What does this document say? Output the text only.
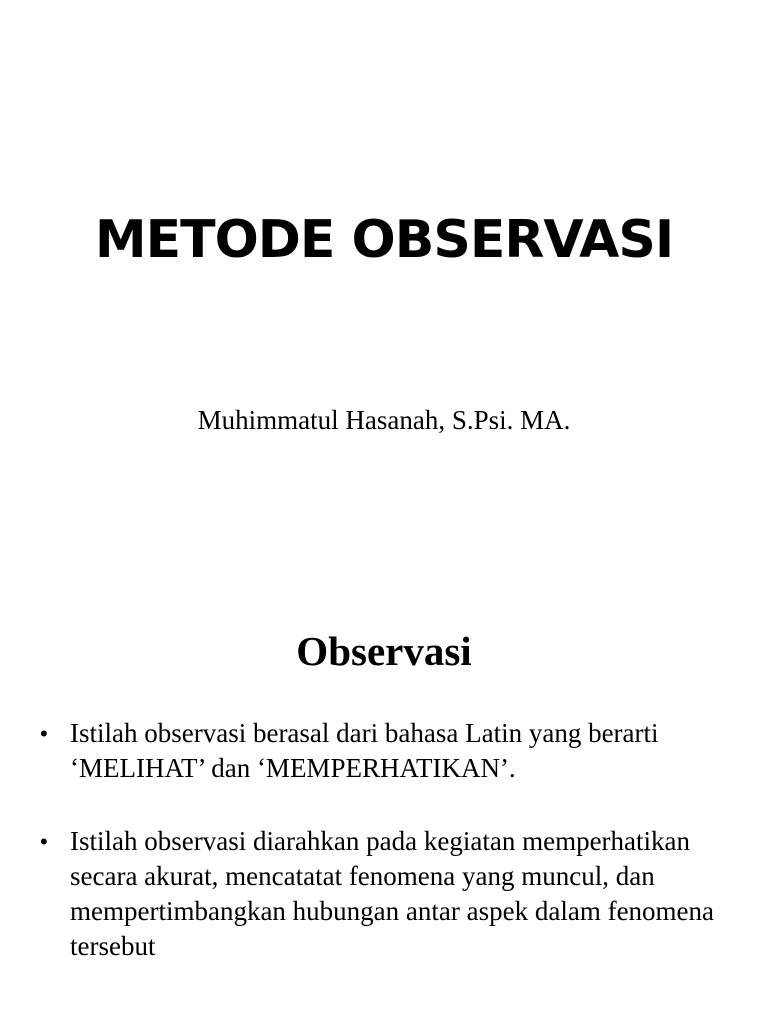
METODE OBSERVASI

Muhimmatul Hasanah, S.Psi. MA.

Observasi
• Istilah observasi berasal dari bahasa Latin yang berarti ‘MELIHAT’ dan ‘MEMPERHATIKAN’.
• Istilah observasi diarahkan pada kegiatan memperhatikan secara akurat, mencatatat fenomena yang muncul, dan mempertimbangkan hubungan antar aspek dalam fenomena tersebut
